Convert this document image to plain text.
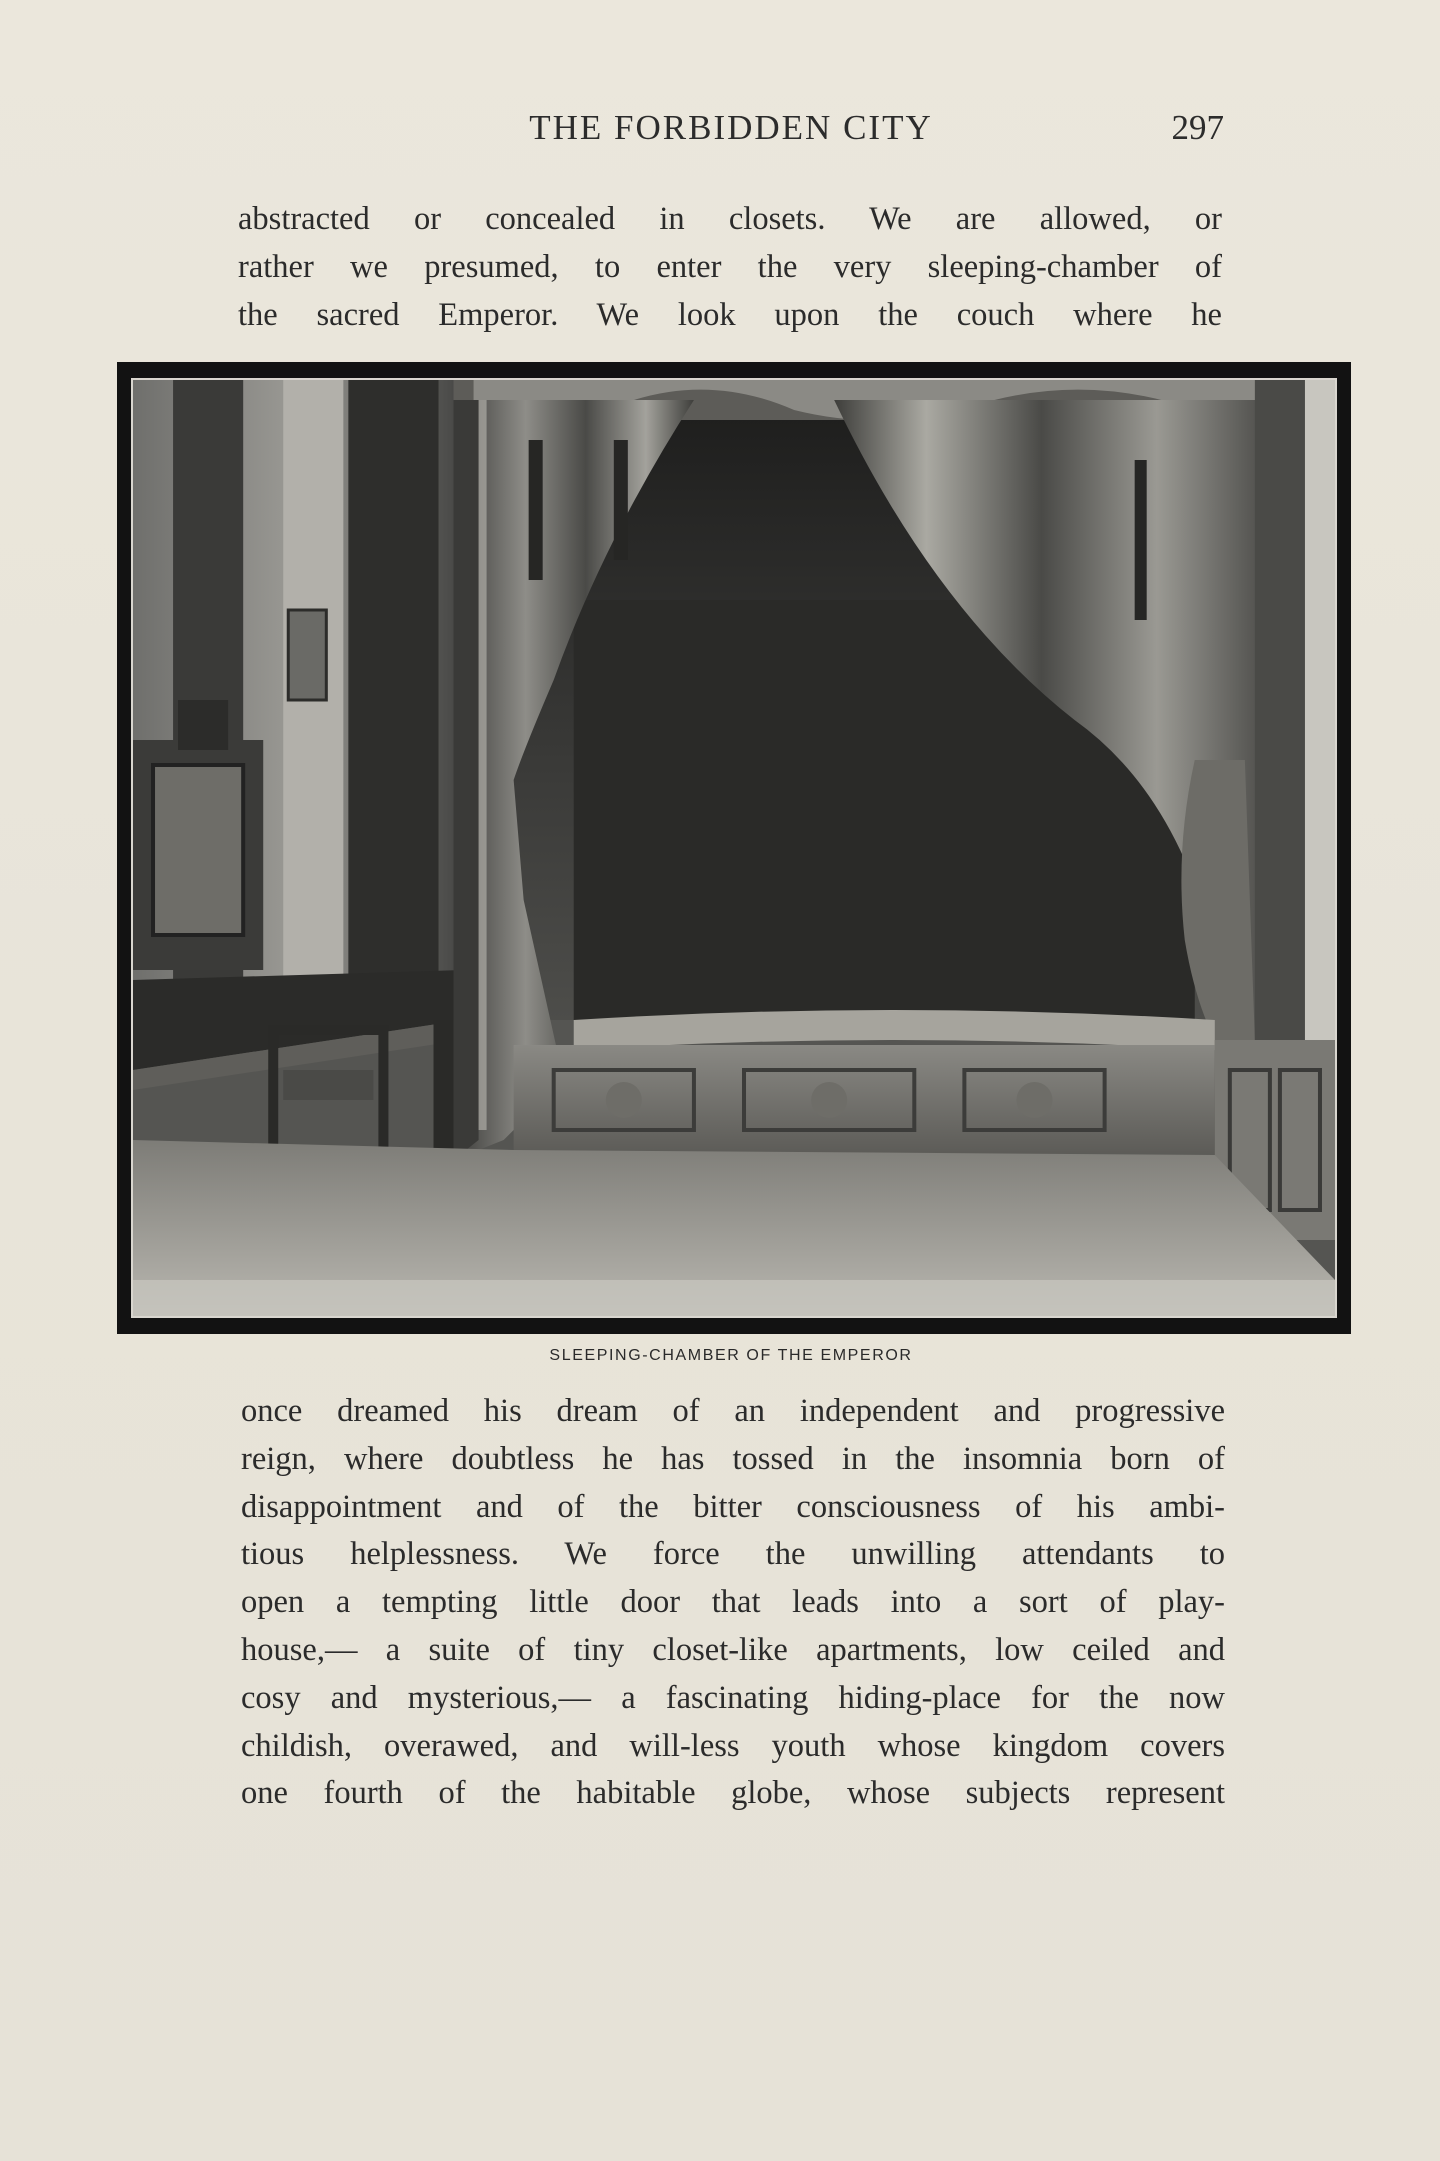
THE FORBIDDEN CITY	297
abstracted or concealed in closets. We are allowed, or
rather we presumed, to enter the very sleeping-chamber of
the sacred Emperor. We look upon the couch where he
SLEEPING-CHAMBER OF THE EMPEROR
once dreamed his dream of an independent and progressive
reign, where doubtless he has tossed in the insomnia born of
disappointment and of the bitter consciousness of his ambi-
tious helplessness. We force the unwilling attendants to
open a tempting little door that leads into a sort of play-
house,— a suite of tiny closet-like apartments, low ceiled and
cosy and mysterious,— a fascinating hiding-place for the now
childish, overawed, and will-less youth whose kingdom covers
one fourth of the habitable globe, whose subjects represent
